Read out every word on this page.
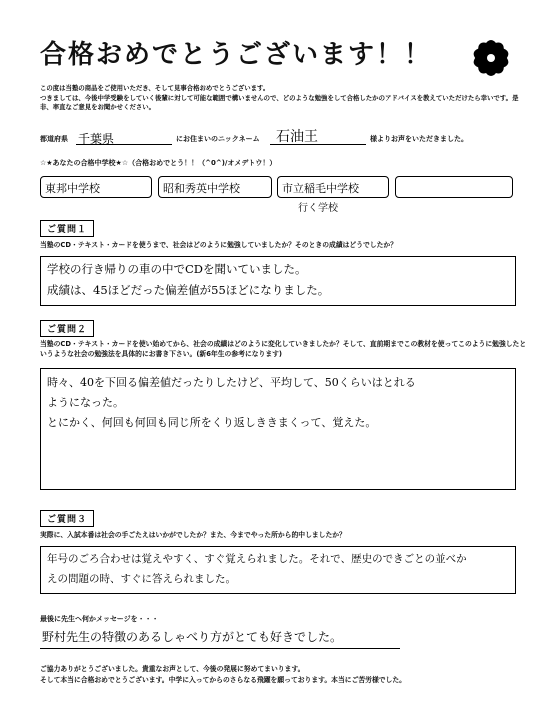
合格おめでとうございます！！
この度は当塾の商品をご使用いただき、そして見事合格おめでとうございます。
つきましては、今後中学受験をしていく後輩に対して可能な範囲で構いませんので、どのような勉強をして合格したかのアドバイスを教えていただけたら幸いです。是非、率直なご意見をお聞かせください。
都道府県 千葉県	にお住まいのニックネーム	石油王	様よりお声をいただきました。
☆★あなたの合格中学校★☆（合格おめでとう！！（^0^)/オメデトウ！）
東邦中学校	昭和秀英中学校	市立稲毛中学校
行く学校
ご質問１
当塾のCD・テキスト・カードを使うまで、社会はどのように勉強していましたか？そのときの成績はどうでしたか？
学校の行き帰りの車の中でCDを聞いていました。
成績は、45ほどだった偏差値が55ほどになりました。
ご質問２
当塾のCD・テキスト・カードを使い始めてから、社会の成績はどのように変化していきましたか？そして、直前期までこの教材を使ってこのように勉強したというような社会の勉強法を具体的にお書き下さい。(新6年生の参考になります)
時々、40を下回る偏差値だったりしたけど、平均して、50くらいはとれる
ようになった。
とにかく、何回も何回も同じ所をくり返しききまくって、覚えた。
ご質問３
実際に、入試本番は社会の手ごたえはいかがでしたか？また、今までやった所から的中しましたか？
年号のごろ合わせは覚えやすく、すぐ覚えられました。それで、歴史のできごとの並べか
えの問題の時、すぐに答えられました。
最後に先生へ何かメッセージを・・・
野村先生の特徴のあるしゃべり方がとても好きでした。
ご協力ありがとうございました。貴重なお声として、今後の発展に努めてまいります。
そして本当に合格おめでとうございます。中学に入ってからのさらなる飛躍を願っております。本当にご苦労様でした。
